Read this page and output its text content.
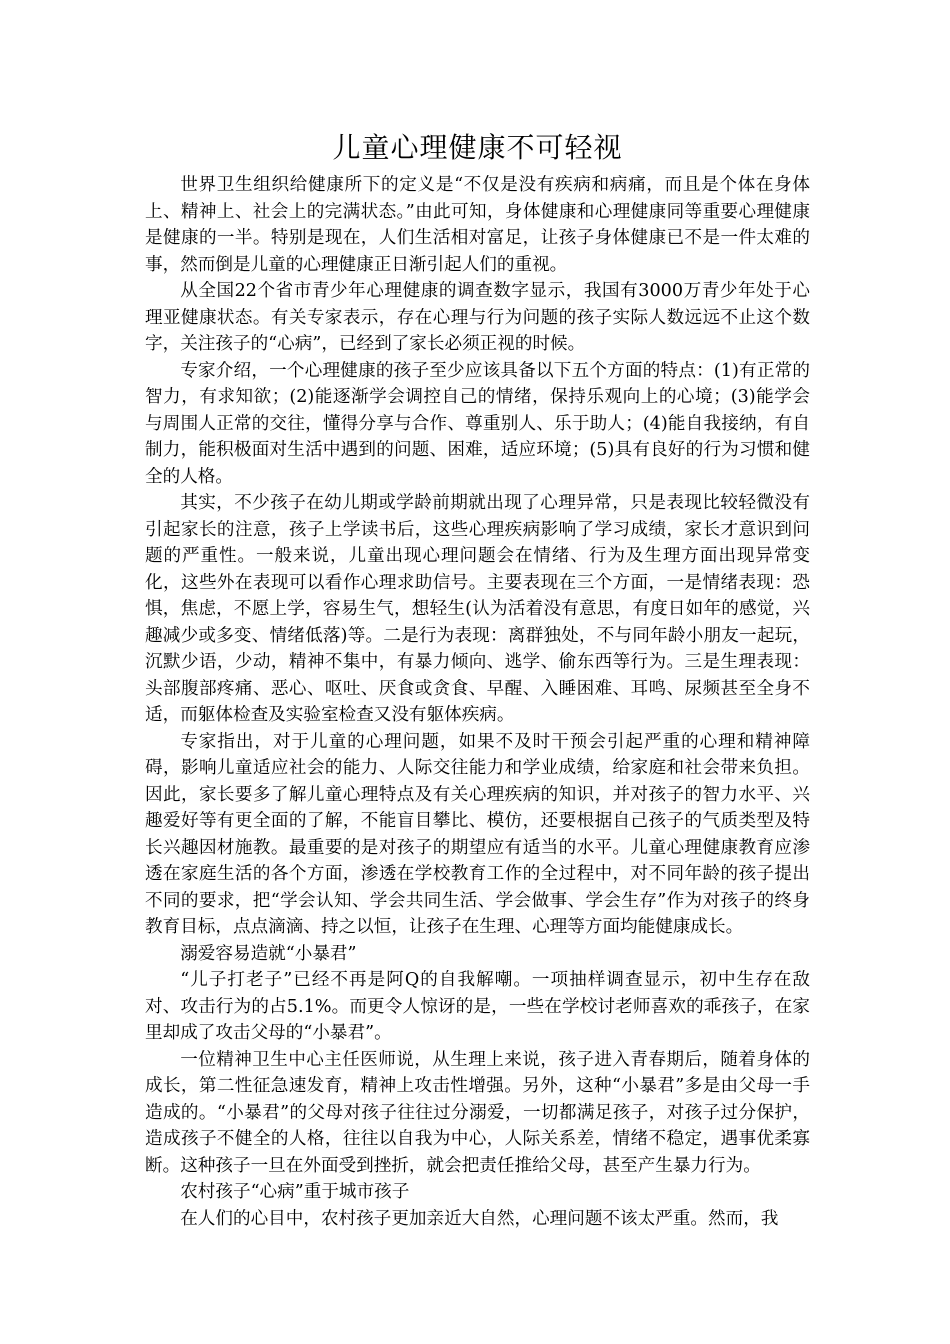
儿童心理健康不可轻视

世界卫生组织给健康所下的定义是“不仅是没有疾病和病痛，而且是个体在身体上、精神上、社会上的完满状态。”由此可知，身体健康和心理健康同等重要心理健康是健康的一半。特别是现在，人们生活相对富足，让孩子身体健康已不是一件太难的事，然而倒是儿童的心理健康正日渐引起人们的重视。

从全国22个省市青少年心理健康的调查数字显示，我国有3000万青少年处于心理亚健康状态。有关专家表示，存在心理与行为问题的孩子实际人数远远不止这个数字，关注孩子的“心病”，已经到了家长必须正视的时候。

专家介绍，一个心理健康的孩子至少应该具备以下五个方面的特点：(1)有正常的智力，有求知欲；(2)能逐渐学会调控自己的情绪，保持乐观向上的心境；(3)能学会与周围人正常的交往，懂得分享与合作、尊重别人、乐于助人；(4)能自我接纳，有自制力，能积极面对生活中遇到的问题、困难，适应环境；(5)具有良好的行为习惯和健全的人格。

其实，不少孩子在幼儿期或学龄前期就出现了心理异常，只是表现比较轻微没有引起家长的注意，孩子上学读书后，这些心理疾病影响了学习成绩，家长才意识到问题的严重性。一般来说，儿童出现心理问题会在情绪、行为及生理方面出现异常变化，这些外在表现可以看作心理求助信号。主要表现在三个方面，一是情绪表现：恐惧，焦虑，不愿上学，容易生气，想轻生(认为活着没有意思，有度日如年的感觉，兴趣减少或多变、情绪低落)等。二是行为表现：离群独处，不与同年龄小朋友一起玩，沉默少语，少动，精神不集中，有暴力倾向、逃学、偷东西等行为。三是生理表现：头部腹部疼痛、恶心、呕吐、厌食或贪食、早醒、入睡困难、耳鸣、尿频甚至全身不适，而躯体检查及实验室检查又没有躯体疾病。

专家指出，对于儿童的心理问题，如果不及时干预会引起严重的心理和精神障碍，影响儿童适应社会的能力、人际交往能力和学业成绩，给家庭和社会带来负担。因此，家长要多了解儿童心理特点及有关心理疾病的知识，并对孩子的智力水平、兴趣爱好等有更全面的了解，不能盲目攀比、模仿，还要根据自己孩子的气质类型及特长兴趣因材施教。最重要的是对孩子的期望应有适当的水平。儿童心理健康教育应渗透在家庭生活的各个方面，渗透在学校教育工作的全过程中，对不同年龄的孩子提出不同的要求，把“学会认知、学会共同生活、学会做事、学会生存”作为对孩子的终身教育目标，点点滴滴、持之以恒，让孩子在生理、心理等方面均能健康成长。

溺爱容易造就“小暴君”

“儿子打老子”已经不再是阿Q的自我解嘲。一项抽样调查显示，初中生存在敌对、攻击行为的占5.1%。而更令人惊讶的是，一些在学校讨老师喜欢的乖孩子，在家里却成了攻击父母的“小暴君”。

一位精神卫生中心主任医师说，从生理上来说，孩子进入青春期后，随着身体的成长，第二性征急速发育，精神上攻击性增强。另外，这种“小暴君”多是由父母一手造成的。“小暴君”的父母对孩子往往过分溺爱，一切都满足孩子，对孩子过分保护，造成孩子不健全的人格，往往以自我为中心，人际关系差，情绪不稳定，遇事优柔寡断。这种孩子一旦在外面受到挫折，就会把责任推给父母，甚至产生暴力行为。

农村孩子“心病”重于城市孩子

在人们的心目中，农村孩子更加亲近大自然，心理问题不该太严重。然而，我
